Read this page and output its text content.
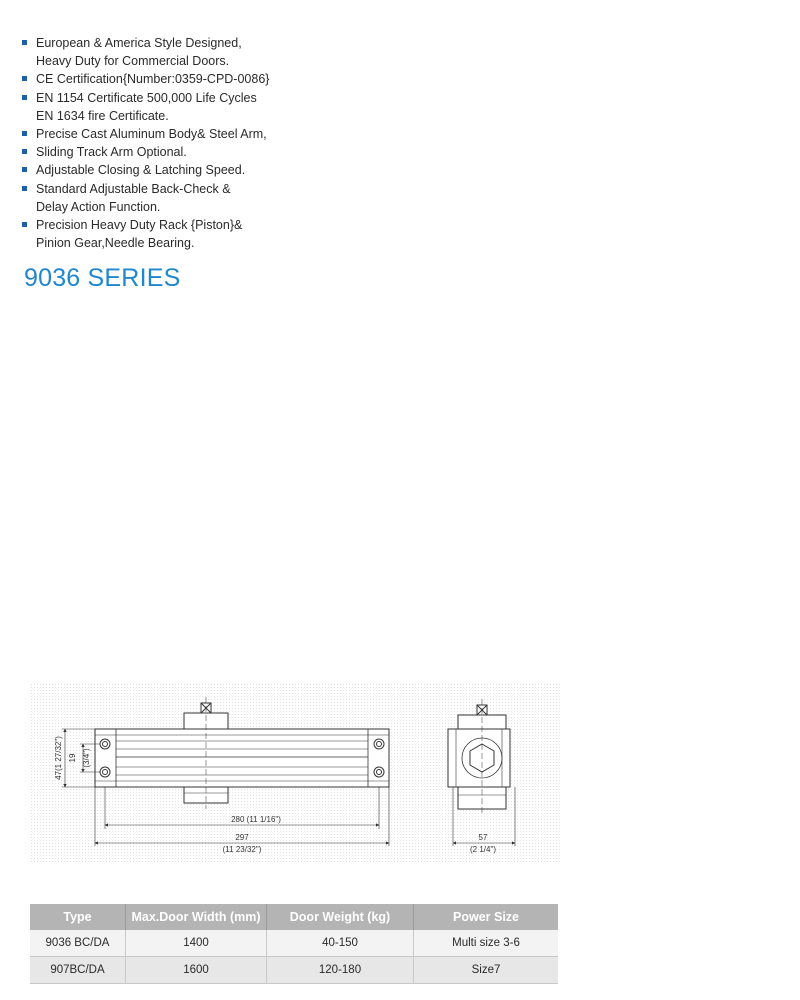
European & America Style Designed,
Heavy Duty for Commercial Doors.
CE Certification{Number:0359-CPD-0086}
EN 1154 Certificate 500,000 Life Cycles
EN 1634 fire Certificate.
Precise Cast Aluminum Body& Steel Arm,
Sliding Track Arm Optional.
Adjustable Closing & Latching Speed.
Standard Adjustable Back-Check &
Delay Action Function.
Precision Heavy Duty Rack {Piston}&
Pinion Gear,Needle Bearing.
9036 SERIES
47(1 27/32") 19 (3/4")
280 (11 1/16")
297
(11 23/32")
57
(2 1/4")
Type	Max.Door Width (mm)	Door Weight (kg)	Power Size
9036 BC/DA	1400	40-150	Multi size 3-6
907BC/DA	1600	120-180	Size7
